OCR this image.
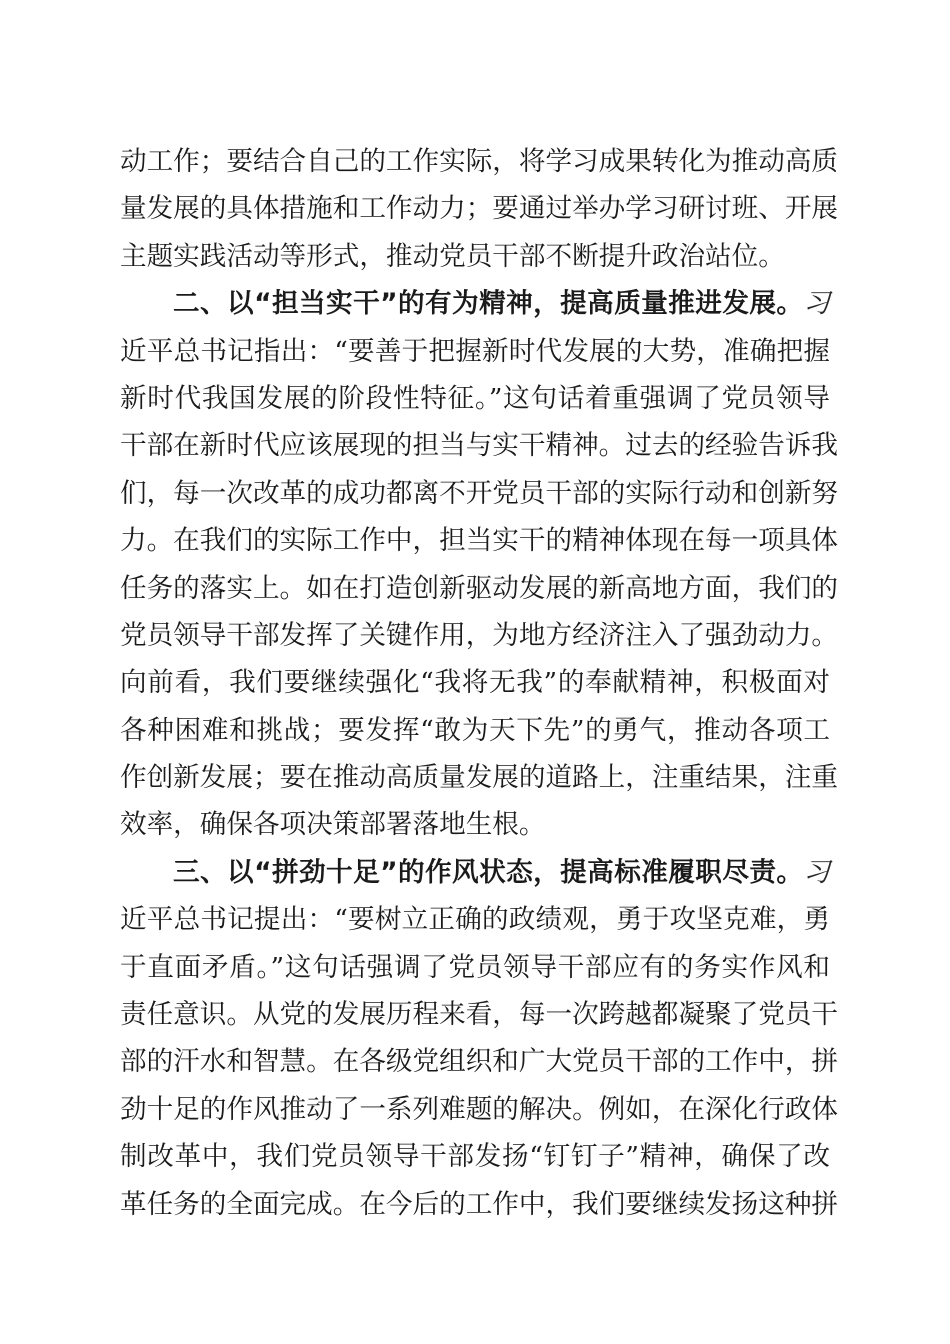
动工作；要结合自己的工作实际，将学习成果转化为推动高质
量发展的具体措施和工作动力；要通过举办学习研讨班、开展
主题实践活动等形式，推动党员干部不断提升政治站位。
二、以“担当实干”的有为精神，提高质量推进发展。习
近平总书记指出：“要善于把握新时代发展的大势，准确把握
新时代我国发展的阶段性特征。”这句话着重强调了党员领导
干部在新时代应该展现的担当与实干精神。过去的经验告诉我
们，每一次改革的成功都离不开党员干部的实际行动和创新努
力。在我们的实际工作中，担当实干的精神体现在每一项具体
任务的落实上。如在打造创新驱动发展的新高地方面，我们的
党员领导干部发挥了关键作用，为地方经济注入了强劲动力。
向前看，我们要继续强化“我将无我”的奉献精神，积极面对
各种困难和挑战；要发挥“敢为天下先”的勇气，推动各项工
作创新发展；要在推动高质量发展的道路上，注重结果，注重
效率，确保各项决策部署落地生根。
三、以“拼劲十足”的作风状态，提高标准履职尽责。习
近平总书记提出：“要树立正确的政绩观，勇于攻坚克难，勇
于直面矛盾。”这句话强调了党员领导干部应有的务实作风和
责任意识。从党的发展历程来看，每一次跨越都凝聚了党员干
部的汗水和智慧。在各级党组织和广大党员干部的工作中，拼
劲十足的作风推动了一系列难题的解决。例如，在深化行政体
制改革中，我们党员领导干部发扬“钉钉子”精神，确保了改
革任务的全面完成。在今后的工作中，我们要继续发扬这种拼
